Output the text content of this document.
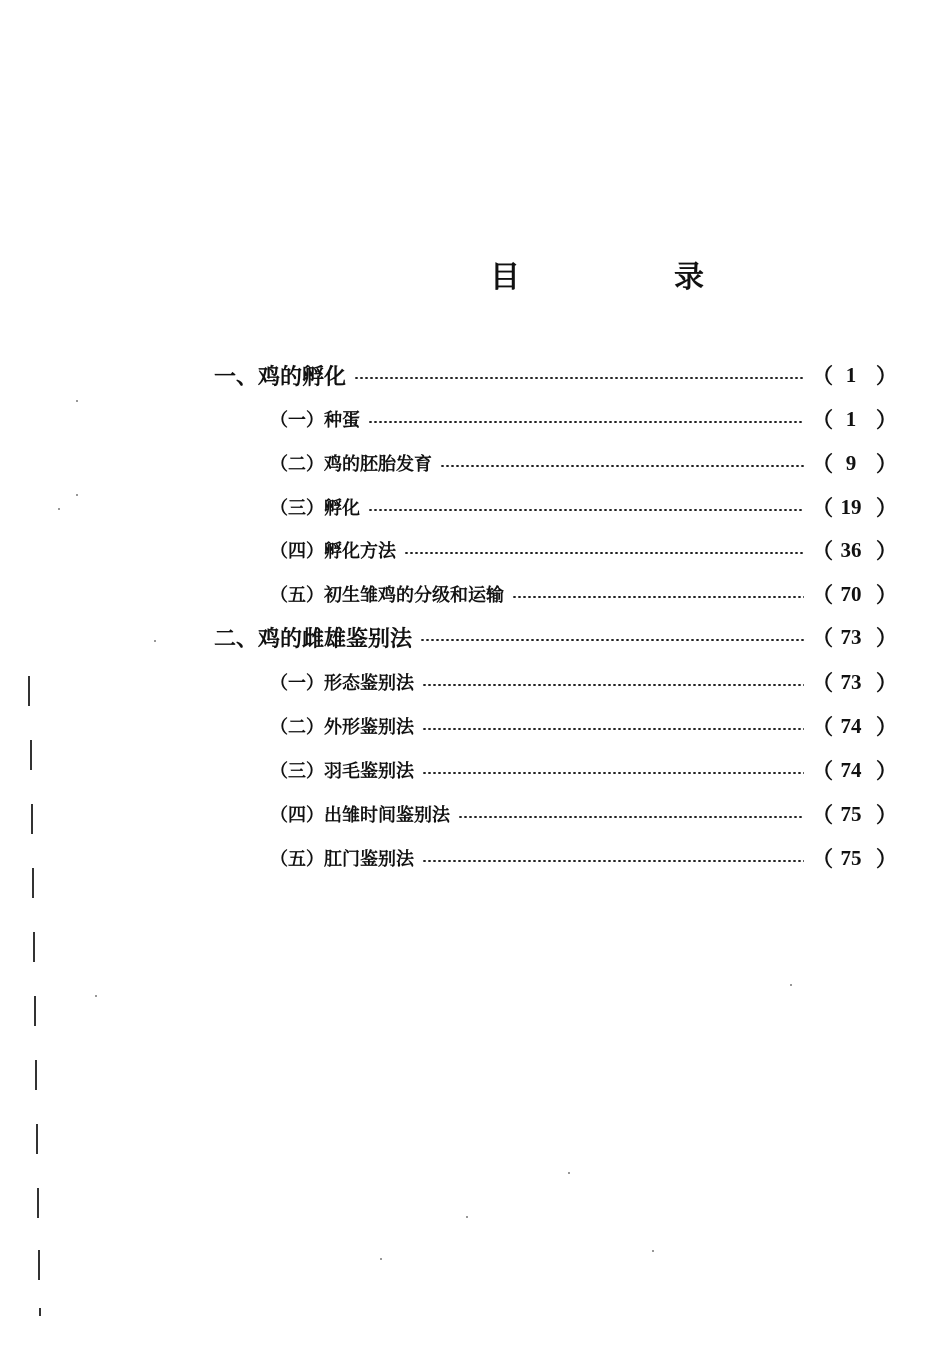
目　录
一、鸡的孵化	（ 1 ）
（一）种蛋	（ 1 ）
（二）鸡的胚胎发育	（ 9 ）
（三）孵化	（ 19 ）
（四）孵化方法	（ 36 ）
（五）初生雏鸡的分级和运输	（ 70 ）
二、鸡的雌雄鉴别法	（ 73 ）
（一）形态鉴别法	（ 73 ）
（二）外形鉴别法	（ 74 ）
（三）羽毛鉴别法	（ 74 ）
（四）出雏时间鉴别法	（ 75 ）
（五）肛门鉴别法	（ 75 ）
